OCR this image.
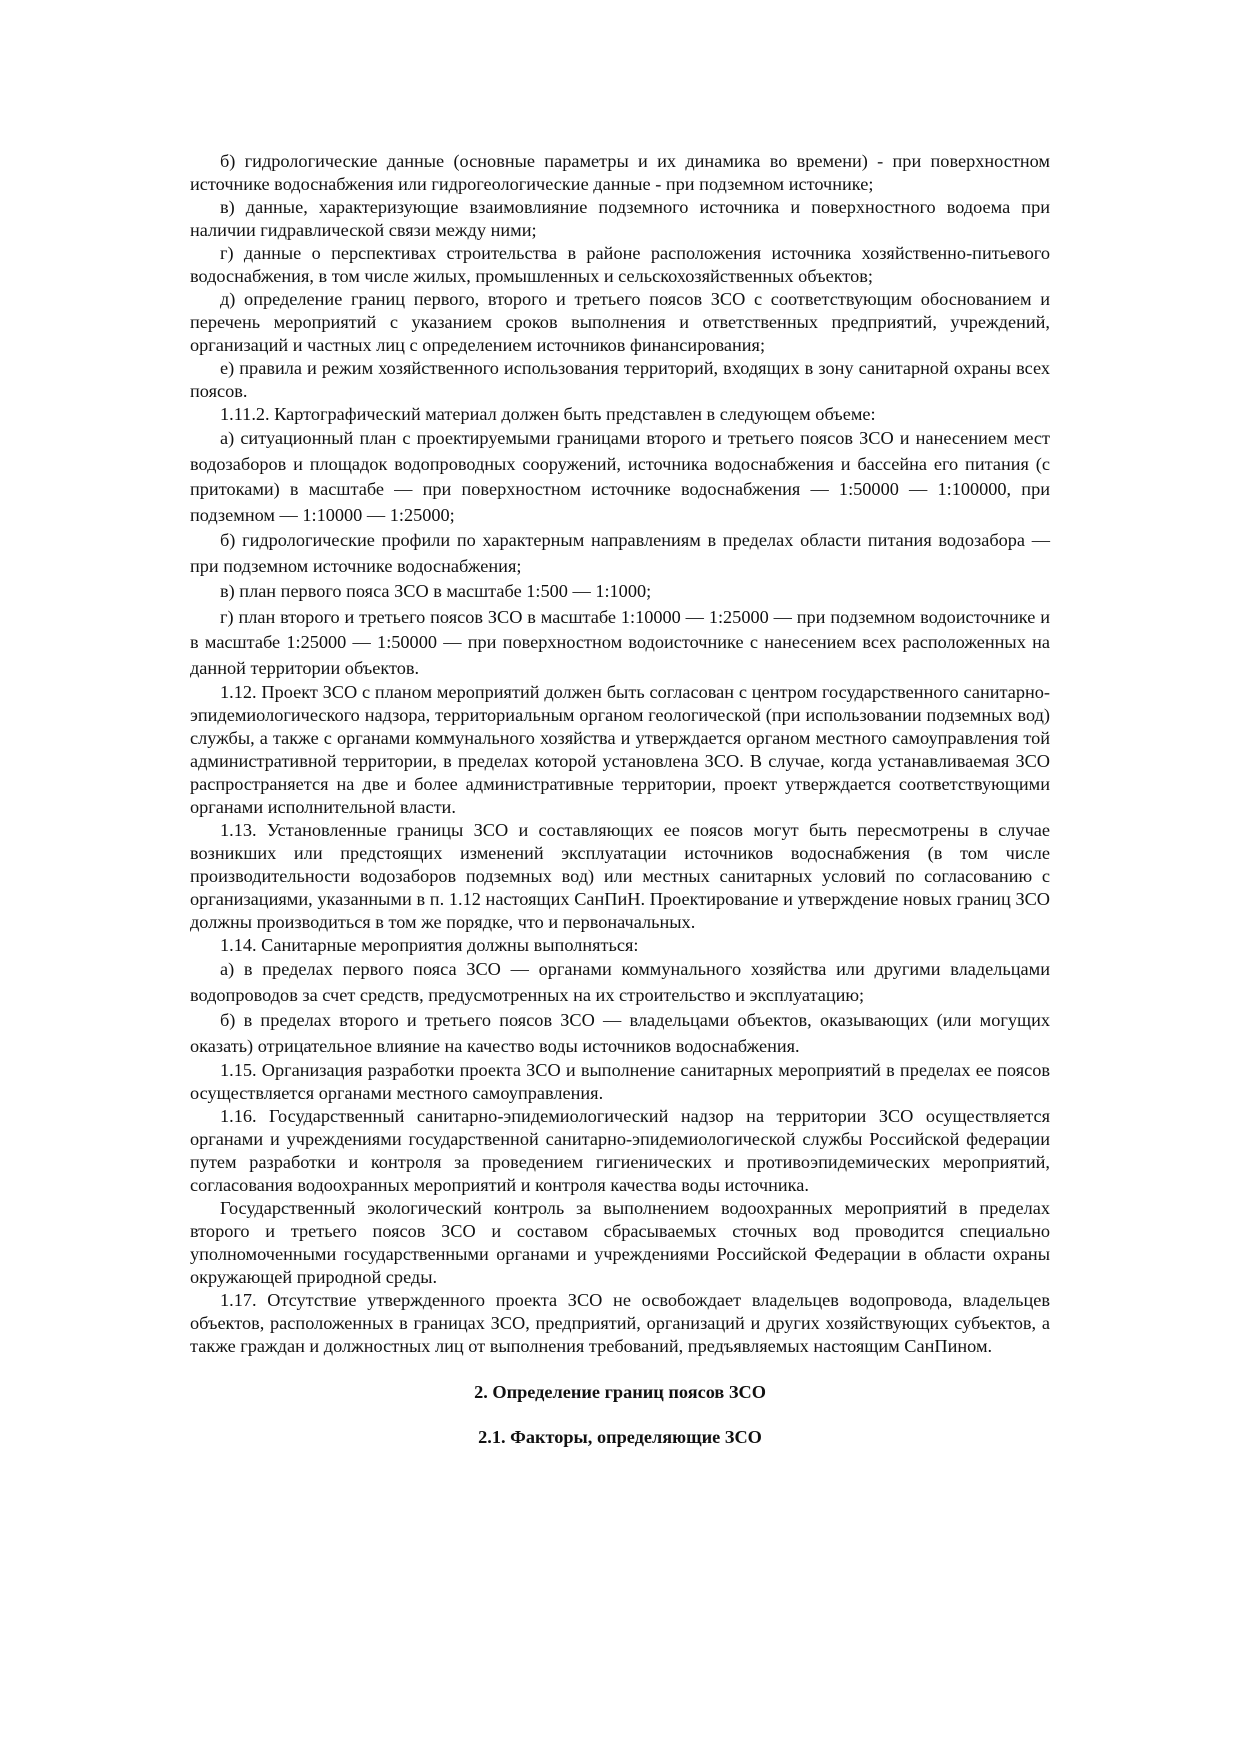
б) гидрологические данные (основные параметры и их динамика во времени) - при поверхностном источнике водоснабжения или гидрогеологические данные - при подземном источнике;

в) данные, характеризующие взаимовлияние подземного источника и поверхностного водоема при наличии гидравлической связи между ними;

г) данные о перспективах строительства в районе расположения источника хозяйственно-питьевого водоснабжения, в том числе жилых, промышленных и сельскохозяйственных объектов;

д) определение границ первого, второго и третьего поясов ЗСО с соответствующим обоснованием и перечень мероприятий с указанием сроков выполнения и ответственных предприятий, учреждений, организаций и частных лиц с определением источников финансирования;

е) правила и режим хозяйственного использования территорий, входящих в зону санитарной охраны всех поясов.

1.11.2. Картографический материал должен быть представлен в следующем объеме:

а) ситуационный план с проектируемыми границами второго и третьего поясов ЗСО и нанесением мест водозаборов и площадок водопроводных сооружений, источника водоснабжения и бассейна его питания (с притоками) в масштабе — при поверхностном источнике водоснабжения — 1:50000 — 1:100000, при подземном — 1:10000 — 1:25000;

б) гидрологические профили по характерным направлениям в пределах области питания водозабора — при подземном источнике водоснабжения;

в) план первого пояса ЗСО в масштабе 1:500 — 1:1000;

г) план второго и третьего поясов ЗСО в масштабе 1:10000 — 1:25000 — при подземном водоисточнике и в масштабе 1:25000 — 1:50000 — при поверхностном водоисточнике с нанесением всех расположенных на данной территории объектов.

1.12. Проект ЗСО с планом мероприятий должен быть согласован с центром государственного санитарно-эпидемиологического надзора, территориальным органом геологической (при использовании подземных вод) службы, а также с органами коммунального хозяйства и утверждается органом местного самоуправления той административной территории, в пределах которой установлена ЗСО. В случае, когда устанавливаемая ЗСО распространяется на две и более административные территории, проект утверждается соответствующими органами исполнительной власти.

1.13. Установленные границы ЗСО и составляющих ее поясов могут быть пересмотрены в случае возникших или предстоящих изменений эксплуатации источников водоснабжения (в том числе производительности водозаборов подземных вод) или местных санитарных условий по согласованию с организациями, указанными в п. 1.12 настоящих СанПиН. Проектирование и утверждение новых границ ЗСО должны производиться в том же порядке, что и первоначальных.

1.14. Санитарные мероприятия должны выполняться:

а) в пределах первого пояса ЗСО — органами коммунального хозяйства или другими владельцами водопроводов за счет средств, предусмотренных на их строительство и эксплуатацию;

б) в пределах второго и третьего поясов ЗСО — владельцами объектов, оказывающих (или могущих оказать) отрицательное влияние на качество воды источников водоснабжения.

1.15. Организация разработки проекта ЗСО и выполнение санитарных мероприятий в пределах ее поясов осуществляется органами местного самоуправления.

1.16. Государственный санитарно-эпидемиологический надзор на территории ЗСО осуществляется органами и учреждениями государственной санитарно-эпидемиологической службы Российской федерации путем разработки и контроля за проведением гигиенических и противоэпидемических мероприятий, согласования водоохранных мероприятий и контроля качества воды источника.

Государственный экологический контроль за выполнением водоохранных мероприятий в пределах второго и третьего поясов ЗСО и составом сбрасываемых сточных вод проводится специально уполномоченными государственными органами и учреждениями Российской Федерации в области охраны окружающей природной среды.

1.17. Отсутствие утвержденного проекта ЗСО не освобождает владельцев водопровода, владельцев объектов, расположенных в границах ЗСО, предприятий, организаций и других хозяйствующих субъектов, а также граждан и должностных лиц от выполнения требований, предъявляемых настоящим СанПином.

2. Определение границ поясов ЗСО
2.1. Факторы, определяющие ЗСО
